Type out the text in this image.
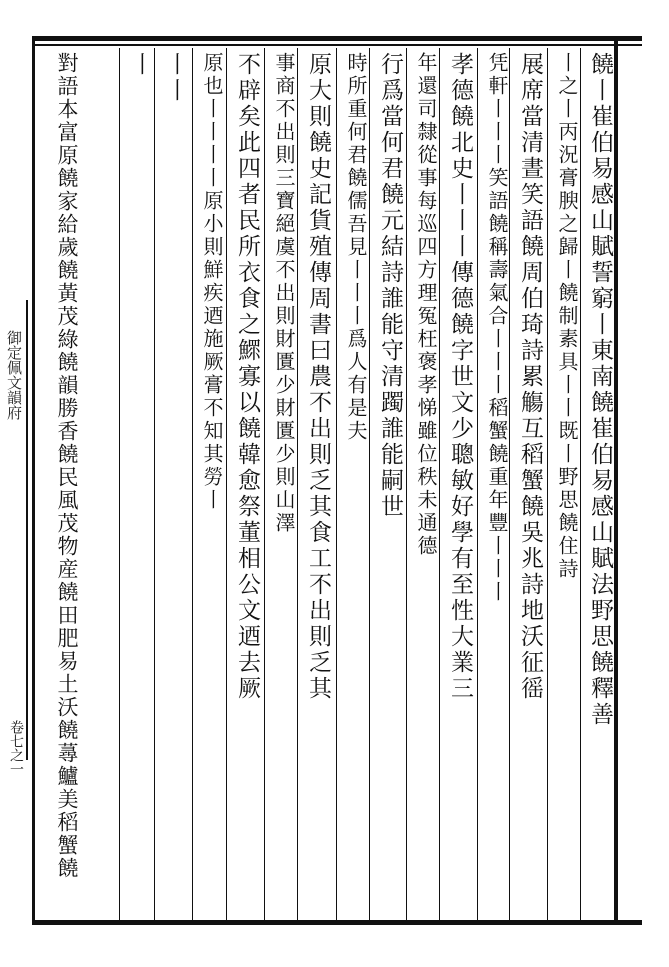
御定佩文韻府
卷七之一
饒丨崔伯易感山賦誓窮丨東南饒崔伯易感山賦法野思饒釋善
丨之丨丙況膏腴之歸丨饒制素具丨丨既丨野思饒住詩
展席當清晝笑語饒周伯琦詩累觴互稻蟹饒吳兆詩地沃征徭
凭軒丨丨丨笑語饒稱壽氣合丨丨丨稻蟹饒重年豐丨丨丨
孝德饒北史丨丨丨傳德饒字世文少聰敏好學有至性大業三
年還司隸從事每巡四方理冤枉褒孝悌雖位秩未通德
行爲當何君饒元結詩誰能守清躅誰能嗣世
時所重何君饒儒吾見丨丨丨爲人有是夫
原大則饒史記貨殖傳周書曰農不出則乏其食工不出則乏其
事商不出則三寶絕虞不出則財匱少財匱少則山澤
不辟矣此四者民所衣食之鰥寡以饒韓愈祭董相公文迺去厥
原也丨丨丨丨原小則鮮疾迺施厥膏不知其勞丨
丨丨
丨
對語本富原饒家給歲饒黃茂綠饒韻勝香饒民風茂物産饒田肥易土沃饒蕁鱸美稻蟹饒
